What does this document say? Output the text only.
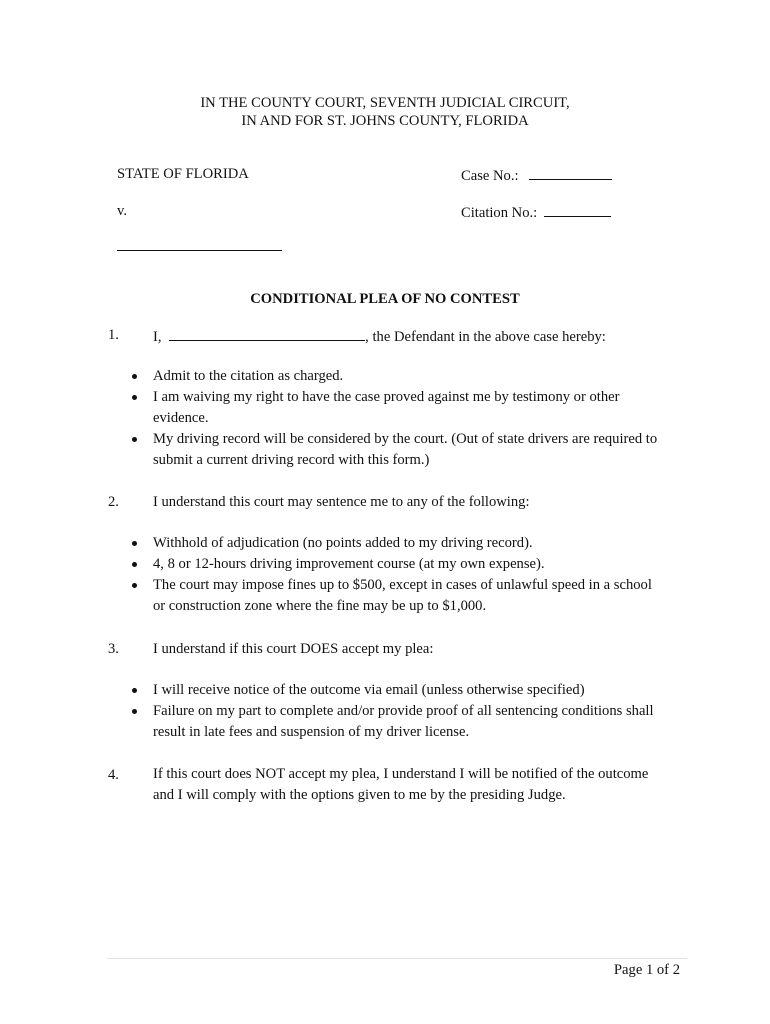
IN THE COUNTY COURT, SEVENTH JUDICIAL CIRCUIT,
IN AND FOR ST. JOHNS COUNTY, FLORIDA
STATE OF FLORIDA	Case No.:
v.	Citation No.:
CONDITIONAL PLEA OF NO CONTEST
1. I,	, the Defendant in the above case hereby:
Admit to the citation as charged.
I am waiving my right to have the case proved against me by testimony or other
evidence.
My driving record will be considered by the court. (Out of state drivers are required to
submit a current driving record with this form.)
2. I understand this court may sentence me to any of the following:
Withhold of adjudication (no points added to my driving record).
4, 8 or 12-hours driving improvement course (at my own expense).
The court may impose fines up to $500, except in cases of unlawful speed in a school
or construction zone where the fine may be up to $1,000.
3. I understand if this court DOES accept my plea:
I will receive notice of the outcome via email (unless otherwise specified)
Failure on my part to complete and/or provide proof of all sentencing conditions shall
result in late fees and suspension of my driver license.
4. If this court does NOT accept my plea, I understand I will be notified of the outcome
and I will comply with the options given to me by the presiding Judge.
Page 1 of 2
